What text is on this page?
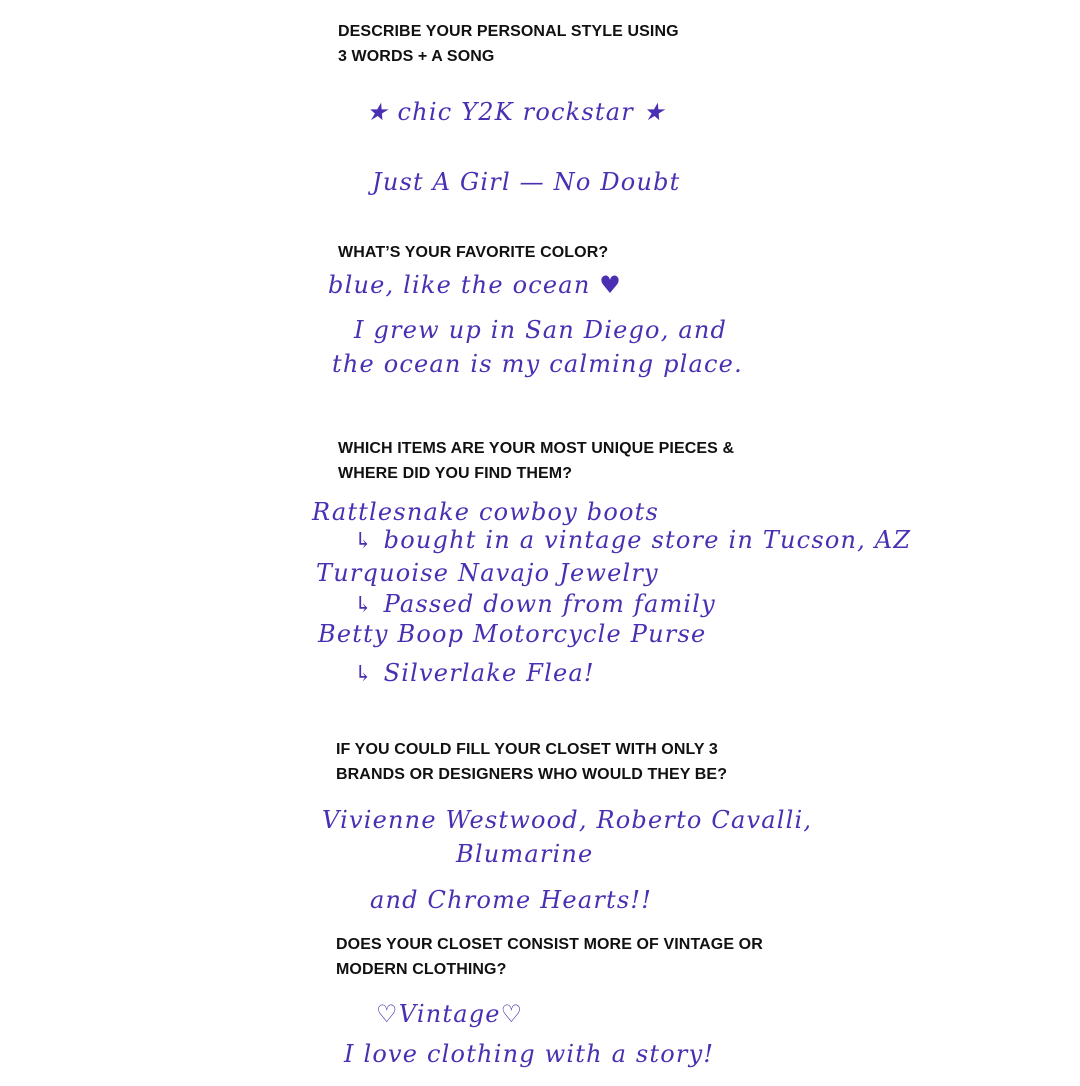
DESCRIBE YOUR PERSONAL STYLE USING
3 WORDS + A SONG
★ chic Y2K rockstar ★
Just A Girl — No Doubt
WHAT’S YOUR FAVORITE COLOR?
blue, like the ocean ♥
I grew up in San Diego, and
the ocean is my calming place.
WHICH ITEMS ARE YOUR MOST UNIQUE PIECES &
WHERE DID YOU FIND THEM?
Rattlesnake cowboy boots
↳ bought in a vintage store in Tucson, AZ
Turquoise Navajo Jewelry
↳ Passed down from family
Betty Boop Motorcycle Purse
↳ Silverlake Flea!
IF YOU COULD FILL YOUR CLOSET WITH ONLY 3
BRANDS OR DESIGNERS WHO WOULD THEY BE?
Vivienne Westwood, Roberto Cavalli,
Blumarine
and Chrome Hearts!!
DOES YOUR CLOSET CONSIST MORE OF VINTAGE OR
MODERN CLOTHING?
♡Vintage♡
I love clothing with a story!
